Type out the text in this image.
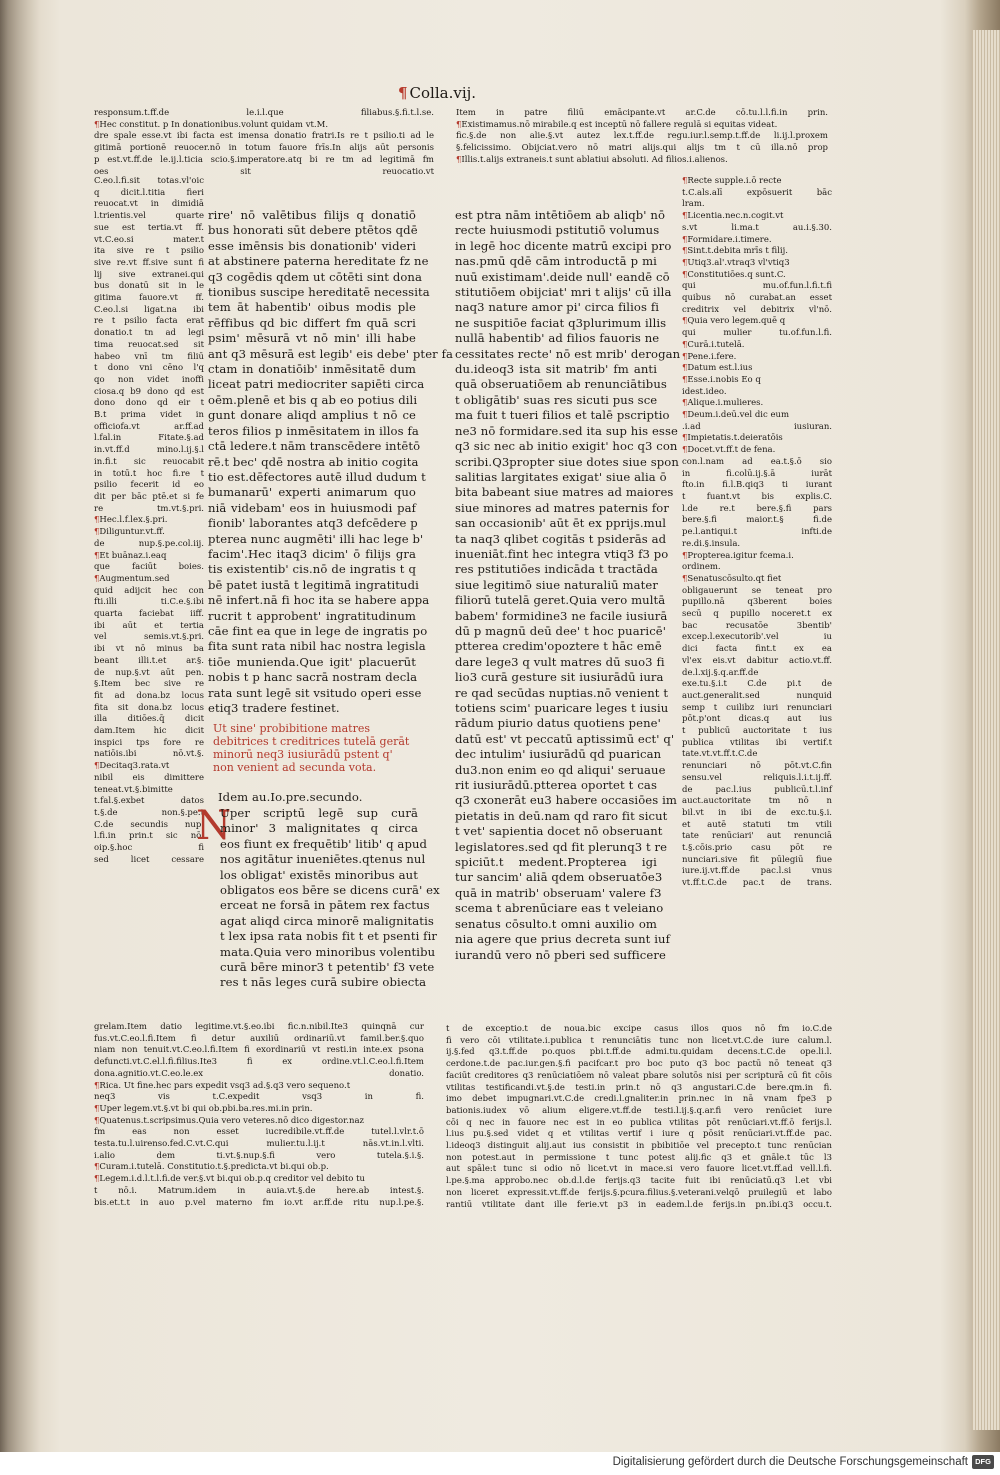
¶ Colla.vij.
responsum.t.ff.de le.i.l.que filiabus.§.fi.t.l.se.
¶Hec constitut. p In donationibus.volunt quidam vt.M.
dre spale esse.vt ibi facta est imensa donatio fratri.Is re t psilio.ti ad le
gitimā portionē reuocer.nō in totum fauore frīs.In alijs aūt personis
p est.vt.ff.de le.ij.l.ticia scio.§.imperatore.atq bi re tm ad legitimā fm
oes sit reuocatio.vt
Item in patre filiū emācipante.vt ar.C.de cō.tu.l.l.fi.in prin.
¶Existimamus.nō mirabile.q est inceptū nō fallere regulā si equitas videat.
fic.§.de non alie.§.vt autez lex.t.ff.de regu.iur.l.semp.t.ff.de li.ij.l.proxem
§.felicissimo. Obijciat.vero nō matri alijs.qui alijs tm t cū illa.nō prop
¶Illis.t.alijs extraneis.t sunt ablatiui absoluti. Ad filios.i.alienos.
C.eo.l.fi.sit totas.vl'oic
q dicit.l.titia fieri
reuocat.vt in dimidiā
l.trientis.vel quarte
sue est tertia.vt ff.
vt.C.eo.si mater.t
ita sive re t psilio
sive re.vt ff.sive sunt fi
lij sive extranei.qui
bus donatū sit in le
gitima fauore.vt ff.
C.eo.l.si ligat.na ibi
re t psilio facta erat
donatio.t tn ad legi
tima reuocat.sed sit
habeo vnī tm filiū
t dono vni cēno l'q
qo non videt inoffi
ciosa.q b9 dono qd est
dono dono qd eir t
B.t prima videt in
officiofa.vt ar.ff.ad
l.fal.in Fitate.§.ad
in.vt.ff.d mino.l.ij.§.l
in.fi.t sic reuocabit
in totū.t hoc fi.re t
psilio fecerit id eo
dit per bāc ptē.et si fe
re tm.vt.§.pri.
¶Hec.l.f.lex.§.pri.
¶Diliguntur.vt.ff.
de nup.§.pe.col.iij.
¶Et buānaz.i.eaq
que faciūt boies.
¶Augmentum.sed
quid adijcit hec con
fti.illi ti.C.e.§.ibi
quarta faciebat iiff.
ibi aūt et tertia
vel semis.vt.§.pri.
ibi vt nō minus ba
beant illi.t.et ar.§.
de nup.§.vt aūt pen.
§.Item bec sive re
fit ad dona.bz locus
fita sit dona.bz locus
illa ditiōes.q̄ dicit
dam.Item hic dicit
inspici tps fore re
natiōis.ibi nō.vt.§.
¶Decitaq3.rata.vt
nibil eis dimittere
teneat.vt.§.bimitte
t.fal.§.exbet datos
t.§.de non.§.pe.t
C.de secundis nup.
l.fi.in prin.t sic nō.
oip.§.hoc fi
sed licet cessare
rire' nō valētibus filijs q donatiō
bus honorati sūt debere ptētos qdē
esse imēnsis bis donationib' videri
at abstinere paterna hereditate fz ne
q3 cogēdis qdem ut cōtēti sint dona
tionibus suscipe hereditatē necessita
tem āt habentib' oibus modis ple
rēffibus qd bic differt fm quā scri
psim' mēsurā vt nō min' illi habe
ant q3 mēsurā est legib' eis debe' pter fa
ctam in donatiōib' inmēsitatē dum
liceat patri mediocriter sapiēti circa
oēm.plenē et bis q ab eo potius dili
gunt donare aliqd amplius t nō ce
teros filios p inmēsitatem in illos fa
ctā ledere.t nām transcēdere intētō
rē.t bec' qdē nostra ab initio cogita
tio est.dēfectores autē illud dudum t
bumanarū' experti animarum quo
niā videbam' eos in huiusmodi paf
fionib' laborantes atq3 defcēdere p
pterea nunc augmēti' illi hac lege b'
facim'.Hec itaq3 dicim' ō filijs gra
tis existentib' cis.nō de ingratis t q
bē patet iustā t legitimā ingratitudi
nē infert.nā fi hoc ita se habere appa
rucrit t approbent' ingratitudinum
cāe fint ea que in lege de ingratis po
fita sunt rata nibil hac nostra legisla
tiōe munienda.Que igit' placuerūt
nobis t p hanc sacrā nostram decla
rata sunt legē sit vsitudo operi esse
etiq3 tradere festinet.
Ut sine' probibitione matres
debitrices t creditrices tutelā gerāt
minorū neq3 iusiurādū pstent q'
non venient ad secunda vota.
Idem au.Io.pre.secundo.
N
Uper scriptū legē sup curā
minor' 3 malignitates q circa
eos fiunt ex frequētib' litib' q apud
nos agitātur inueniētes.qtenus nul
los obligat' existēs minoribus aut
obligatos eos bēre se dicens curā' ex
erceat ne forsā in pātem rex factus
agat aliqd circa minorē malignitatis
t lex ipsa rata nobis fit t et psenti fir
mata.Quia vero minoribus volentibu
curā bēre minor3 t petentib' f3 vete
res t nās leges curā subire obiecta
est ptra nām intētiōem ab aliqb' nō
recte huiusmodi pstitutiō volumus
in legē hoc dicente matrū excipi pro
nas.pmū qdē cām introductā p mi
nuū existimam'.deide null' eandē cō
stitutiōem obijciat' mri t alijs' cū illa
naq3 nature amor pi' circa filios fi
ne suspitiōe faciat q3plurimum illis
nullā habentib' ad filios fauoris ne
cessitates recte' nō est mrib' derogan
du.ideoq3 ista sit matrib' fm anti
quā obseruatiōem ab renunciātibus
t obligātib' suas res sicuti pus sce
ma fuit t tueri filios et talē pscriptio
ne3 nō formidare.sed ita sup his esse
q3 sic nec ab initio exigit' hoc q3 con
scribi.Q3propter siue dotes siue spon
salitias largitates exigat' siue alia ō
bita babeant siue matres ad maiores
siue minores ad matres paternis for
san occasionib' aūt ēt ex pprijs.mul
ta naq3 qlibet cogitās t psiderās ad
inueniāt.fint hec integra vtiq3 f3 po
res pstitutiōes indicāda t tractāda
siue legitimō siue naturaliū mater
filiorū tutelā geret.Quia vero multā
babem' formidine3 ne facile iusiurā
dū p magnū deū dee' t hoc puaricē'
ptterea credim'opoztere t hāc emē
dare lege3 q vult matres dū suo3 fi
lio3 curā gesture sit iusiurādū iura
re qad secūdas nuptias.nō venient t
totiens scim' puaricare leges t iusiu
rādum piurio datus quotiens pene'
datū est' vt peccatū aptissimū ect' q'
dec intulim' iusiurādū qd puarican
du3.non enim eo qd aliqui' seruaue
rit iusiurādū.ptterea oportet t cas
q3 cxonerāt eu3 habere occasiōes im
pietatis in deū.nam qd raro fit sicut
t vet' sapientia docet nō obseruant
legislatores.sed qd fit plerunq3 t re
spiciūt.t medent.Propterea igi
tur sancim' aliā qdem obseruatōe3
quā in matrib' obseruam' valere f3
scema t abrenūciare eas t veleiano
senatus cōsulto.t omni auxilio om
nia agere que prius decreta sunt iuf
iurandū vero nō pberi sed sufficere
¶Recte supple.i.ō recte
t.C.als.alī expōsuerit bāc
lram.
¶Licentia.nec.n.cogit.vt
s.vt li.ma.t au.i.§.30.
¶Formidare.i.timere.
¶Sint.t.debita mrīs t filij.
¶Utiq3.al'.vtraq3 vl'vtiq3
¶Constitutiōes.q sunt.C.
qui mu.of.fun.l.fi.t.fi
quibus nō curabat.an esset
creditrix vel debitrix vl'nō.
¶Quia vero legem.quē q
qui mulier tu.of.fun.l.fi.
¶Curā.i.tutelā.
¶Pene.i.fere.
¶Datum est.l.ius
¶Esse.i.nobis Eo q
idest.ideo.
¶Alique.i.mulieres.
¶Deum.i.deū.vel dic eum
.i.ad iusiuran.
¶Impietatis.t.deieratōis
¶Docet.vt.ff.t de fena.
con.l.nam ad ea.t.§.ō sio
in fi.colū.ij.§.ā iurāt
fto.in fi.l.B.qiq3 ti iurant
t fuant.vt bis explis.C.
l.de re.t bere.§.fi pars
bere.§.fi maior.t.§ fi.de
pe.l.antiqui.t infti.de
re.di.§.insula.
¶Propterea.igitur fcema.i.
ordinem.
¶Senatuscōsulto.qt fiet
obligauerunt se teneat pro
pupillo.nā q3berent boies
secū q pupillo noceret.t ex
bac recusatōe 3bentib'
excep.l.executorib'.vel iu
dici facta fint.t ex ea
vl'ex eis.vt dabitur actio.vt.ff.
de.l.xij.§.q.ar.ff.de
exe.tu.§.i.t C.de pi.t de
auct.generalit.sed nunquid
semp t cuilibz iuri renunciari
pōt.p'ont dicas.q aut ius
t publicū auctoritate t ius
publica vtilitas ibi vertif.t
tate.vt.vt.ff.t.C.de
renunciari nō pōt.vt.C.fin
sensu.vel reliquis.l.i.t.ij.ff.
de pac.l.ius publicū.t.l.inf
auct.auctoritate tm nō n
bil.vt in ibi de exc.tu.§.i.
et autē statuti tm vtili
tate renūciari' aut renunciā
t.§.cōis.prio casu pōt re
nunciari.sive fit pūlegiū fiue
iure.ij.vt.ff.de pac.l.si vnus
vt.ff.t.C.de pac.t de trans.
grelam.Item datio legitime.vt.§.eo.ibi fic.n.nibil.Ite3 quinqnā cur
fus.vt.C.eo.l.fi.Item fi detur auxiliū ordinariū.vt famil.ber.§.quo
niam non tenuit.vt.C.eo.l.fi.Item fi exordinariū vt resti.in inte.ex psona
defuncti.vt.C.el.l.fi.filius.Ite3 fi ex ordine.vt.l.C.eo.l.fi.Item
dona.agnitio.vt.C.eo.le.ex donatio.
¶Rica. Ut fine.hec pars expedit vsq3 ad.§.q3 vero sequeno.t
neq3 vis t.C.expedit vsq3 in fi.
¶Uper legem.vt.§.vt bi qui ob.pbi.ba.res.mi.in prin.
¶Quatenus.t.scripsimus.Quia vero veteres.nō dico digestor.naz
fm eas non esset iucredibile.vt.ff.de tutel.l.vlr.t.ō
testa.tu.l.uirenso.fed.C.vt.C.qui mulier.tu.l.ij.t nās.vt.in.l.vlti.
i.alio dem ti.vt.§.nup.§.fi vero tutela.§.i.§.
¶Curam.i.tutelā. Constitutio.t.§.predicta.vt bi.qui ob.p.
¶Legem.i.d.l.t.l.fi.de ver.§.vt bi.qui ob.p.q creditor vel debito tu
t nō.i. Matrum.idem in auia.vt.§.de here.ab intest.§.
bis.et.t.t in auo p.vel materno fm io.vt ar.ff.de ritu nup.l.pe.§.
t de exceptio.t de noua.bic excipe casus illos quos nō fm io.C.de
fi vero cōi vtilitate.i.publica t renunciātis tunc non licet.vt.C.de iure calum.l.
ij.§.fed q3.t.ff.de po.quos pbi.t.ff.de admi.tu.quidam decens.t.C.de ope.li.l.
cerdone.t.de pac.iur.gen.§.fi pacifcar.t pro boc puto q3 boc pactū nō teneat q3
faciūt creditores q3 renūciatiōem nō valeat pbare solutōs nisi per scripturā cū fit cōis
vtilitas testificandi.vt.§.de testi.in prin.t nō q3 angustari.C.de bere.qm.in fi.
imo debet impugnari.vt.C.de credi.l.gnaliter.in prin.nec in nā vnam fpe3 p
bationis.iudex vō alium eligere.vt.ff.de testi.l.ij.§.q.ar.fi vero renūciet iure
cōi q nec in fauore nec est in eo publica vtilitas pōt renūciari.vt.ff.ō ferijs.l.
l.ius pu.§.sed videt q et vtilitas vertif i iure q pōsit renūciari.vt.ff.de pac.
l.ideoq3 distinguit alij.aut ius consistit in pbibitiōe vel precepto.t tunc renūcian
non potest.aut in permissione t tunc potest alij.fic q3 et gnāle.t tūc l3
aut spāle:t tunc si odio nō licet.vt in mace.si vero fauore licet.vt.ff.ad vell.l.fi.
l.pe.§.ma approbo.nec ob.d.l.de ferijs.q3 tacite fuit ibi renūciatū.q3 l.et vbi
non liceret expressit.vt.ff.de ferijs.§.pcura.filius.§.veterani.velqō pruilegiū et labo
rantiū vtilitate dant ille ferie.vt p3 in eadem.l.de ferijs.in pn.ibi.q3 occu.t.
Digitalisierung gefördert durch die Deutsche Forschungsgemeinschaft DFG
